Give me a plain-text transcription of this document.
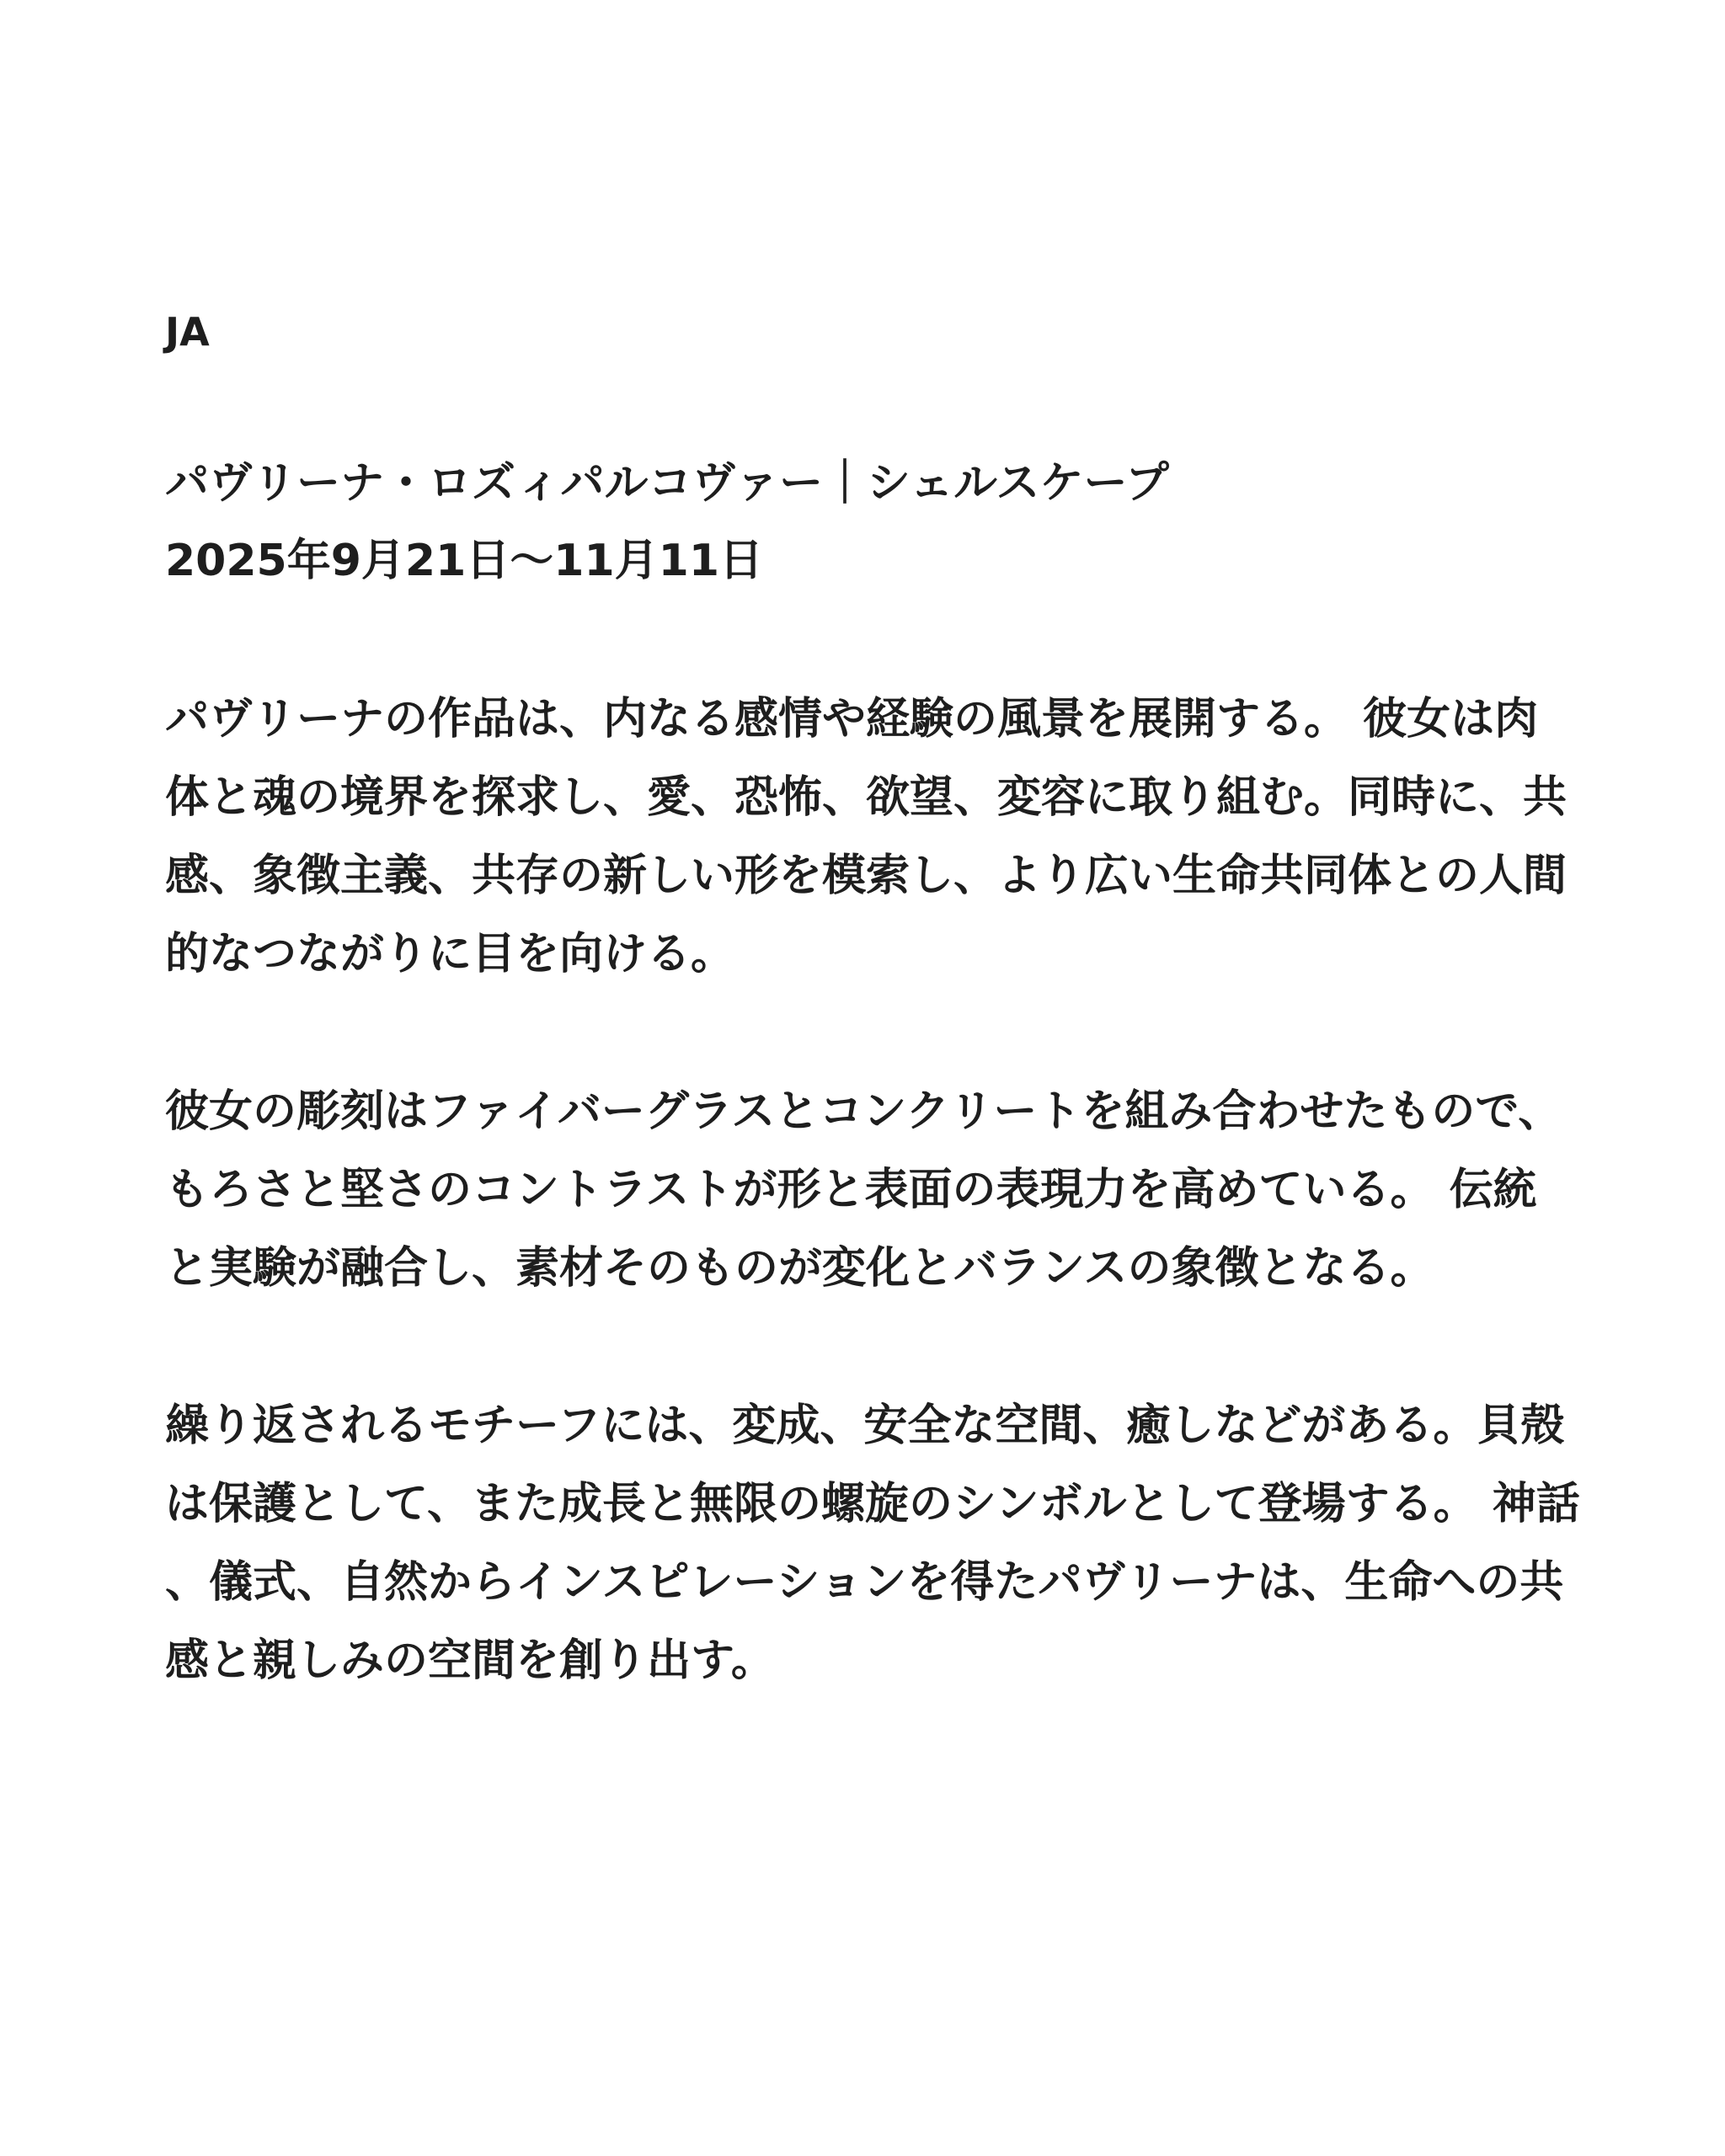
JA
パヴリーナ・ロズィパルコヴァー｜シェルスケープ
2025年9月21日〜11月11日

パヴリーナの作品は、内なる感情や経験の風景を展開する。 彼女は肉体と魂の境界を探求し、愛、恐怖、欲望、変容に取り組む。同時に、共感、象徴主義、共存の新しい形を模索し、より広い生命共同体との人間的なつながりに目を向ける。

彼女の彫刻はファイバーグラスとコンクリートを組み合わせたもので、もろさと堅さのコントラストが形と表面の表現力を高めている。 伝統と実験が融合し、素材そのものが変化とバランスの象徴となる。

繰り返されるモチーフには、変成、安全な空間、癒しなどがある。貝殻は保護として、また成長と無限の螺旋のシンボルとして登場する。 神話、儀式、自然からインスピレーションを得たパヴリーナは、生命への共感と親しみの空間を創り出す。
